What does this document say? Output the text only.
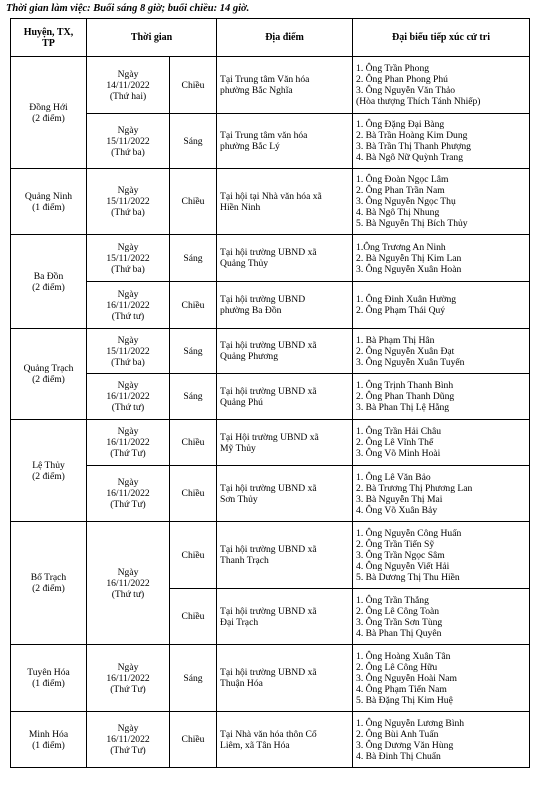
Thời gian làm việc: Buổi sáng 8 giờ; buổi chiều: 14 giờ.
Huyện, TX,
TP	Thời gian		Địa điểm	Đại biểu tiếp xúc cử tri

Đồng Hới
(2 điểm)	Ngày
14/11/2022
(Thứ hai)	Chiều	Tại Trung tâm Văn hóa
phường Bắc Nghĩa	1. Ông Trần Phong
2. Ông Phan Phong Phú
3. Ông Nguyễn Văn Thảo
(Hòa thượng Thích Tánh Nhiếp)

	Ngày
15/11/2022
(Thứ ba)	Sáng	Tại Trung tâm văn hóa
phường Bắc Lý	1. Ông Đặng Đại Bàng
2. Bà Trần Hoàng Kim Dung
3. Bà Trần Thị Thanh Phượng
4. Bà Ngô Nữ Quỳnh Trang

Quảng Ninh
(1 điểm)	Ngày
15/11/2022
(Thứ ba)	Chiều	Tại hội tại Nhà văn hóa xã
Hiền Ninh	1. Ông Đoàn Ngọc Lâm
2. Ông Phan Trần Nam
3. Ông Nguyễn Ngọc Thụ
4. Bà Ngô Thị Nhung
5. Bà Nguyễn Thị Bích Thủy

Ba Đồn
(2 điểm)	Ngày
15/11/2022
(Thứ ba)	Sáng	Tại hội trường UBND xã
Quảng Thủy	1.Ông Trương An Ninh
2. Bà Nguyễn Thị Kim Lan
3. Ông Nguyễn Xuân Hoàn

	Ngày
16/11/2022
(Thứ tư)	Chiều	Tại hội trường UBND
phường Ba Đồn	1. Ông Đinh Xuân Hường
2. Ông Phạm Thái Quý

Quảng Trạch
(2 điểm)	Ngày
15/11/2022
(Thứ ba)	Sáng	Tại hội trường UBND xã
Quảng Phương	1. Bà Phạm Thị Hân
2. Ông Nguyễn Xuân Đạt
3. Ông Nguyễn Xuân Tuyến

	Ngày
16/11/2022
(Thứ tư)	Sáng	Tại hội trường UBND xã
Quảng Phú	1. Ông Trịnh Thanh Bình
2. Ông Phan Thanh Dũng
3. Bà Phan Thị Lệ Hằng

Lệ Thủy
(2 điểm)	Ngày
16/11/2022
(Thứ Tư)	Chiều	Tại Hội trường UBND xã
Mỹ Thủy	1. Ông Trần Hải Châu
2. Ông Lê Vĩnh Thế
3. Ông Võ Minh Hoài

	Ngày
16/11/2022
(Thứ Tư)	Chiều	Tại hội trường UBND xã
Sơn Thủy	1. Ông Lê Văn Bảo
2. Bà Trương Thị Phương Lan
3. Bà Nguyễn Thị Mai
4. Ông Võ Xuân Bảy

Bố Trạch
(2 điểm)	Ngày
16/11/2022
(Thứ tư)	Chiều	Tại hội trường UBND xã
Thanh Trạch	1. Ông Nguyễn Công Huấn
2. Ông Trần Tiến Sỹ
3. Ông Trần Ngọc Sâm
4. Ông Nguyễn Viết Hải
5. Bà Dương Thị Thu Hiền

		Chiều	Tại hội trường UBND xã
Đại Trạch	1. Ông Trần Thắng
2. Ông Lê Công Toàn
3. Ông Trần Sơn Tùng
4. Bà Phan Thị Quyên

Tuyên Hóa
(1 điểm)	Ngày
16/11/2022
(Thứ Tư)	Sáng	Tại hội trường UBND xã
Thuận Hóa	1. Ông Hoàng Xuân Tân
2. Ông Lê Công Hữu
3. Ông Nguyễn Hoài Nam
4. Ông Phạm Tiến Nam
5. Bà Đặng Thị Kim Huệ

Minh Hóa
(1 điểm)	Ngày
16/11/2022
(Thứ Tư)	Chiều	Tại Nhà văn hóa thôn Cổ
Liêm, xã Tân Hóa	1. Ông Nguyễn Lương Bình
2. Ông Bùi Anh Tuấn
3. Ông Dương Văn Hùng
4. Bà Đinh Thị Chuẩn
